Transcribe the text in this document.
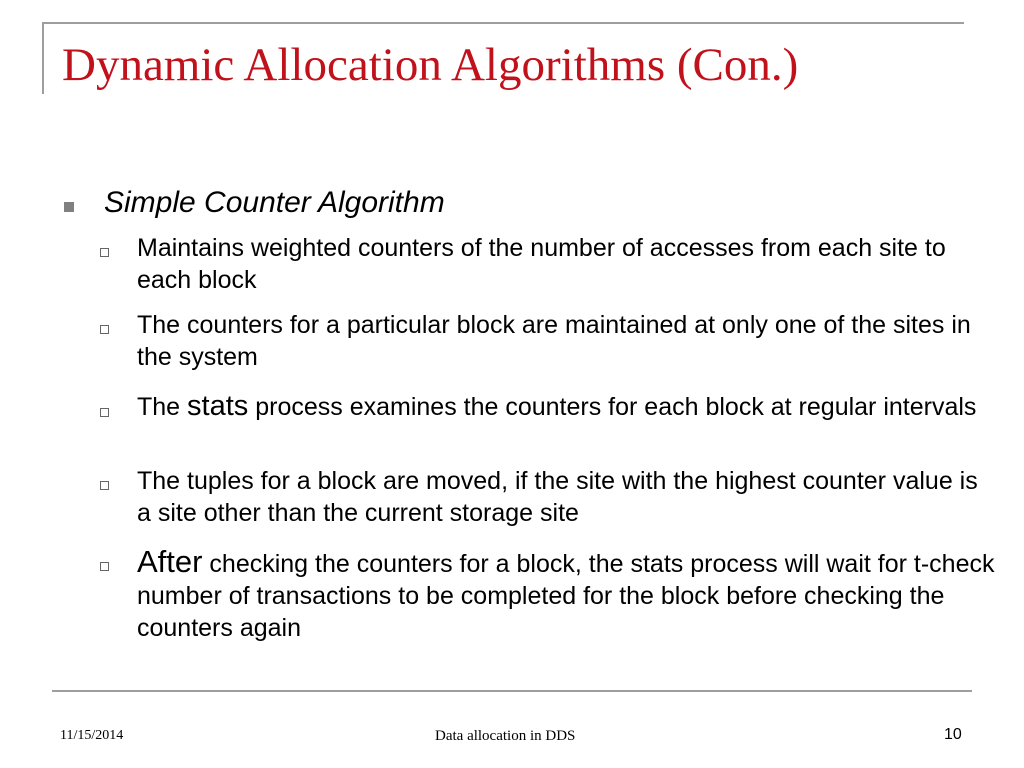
Dynamic Allocation Algorithms (Con.)
Simple Counter Algorithm
Maintains weighted counters of the number of accesses from each site to each block
The counters for a particular block are maintained at only one of the sites in the system
The stats process examines the counters for each block at regular intervals
The tuples for a block are moved, if the site with the highest counter value is a site other than the current storage site
After checking the counters for a block, the stats process will wait for t-check number of transactions to be completed for the block before checking the counters again
11/15/2014	Data allocation in DDS	10
